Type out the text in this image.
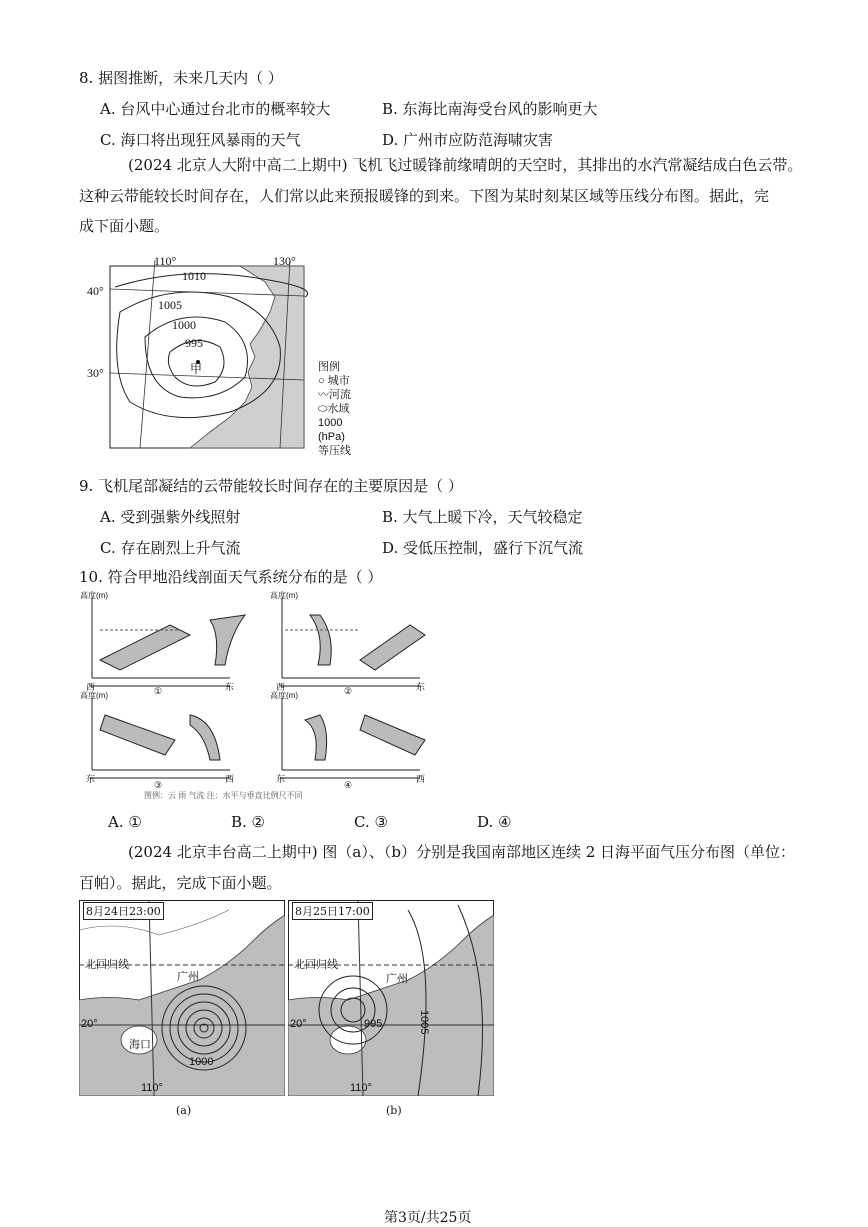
8. 据图推断，未来几天内（ ）
A. 台风中心通过台北市的概率较大	B. 东海比南海受台风的影响更大
C. 海口将出现狂风暴雨的天气	D. 广州市应防范海啸灾害
(2024 北京人大附中高二上期中) 飞机飞过暖锋前缘晴朗的天空时，其排出的水汽常凝结成白色云带。
这种云带能较长时间存在，人们常以此来预报暖锋的到来。下图为某时刻某区域等压线分布图。据此，完
成下面小题。
110°	130°
40°
30°
1010
1005
1000
995
甲	图例
○ 城市
〰河流
⬭水域
1000
(hPa)
等压线
9. 飞机尾部凝结的云带能较长时间存在的主要原因是（ ）
A. 受到强紫外线照射	B. 大气上暖下冷，天气较稳定
C. 存在剧烈上升气流	D. 受低压控制，盛行下沉气流
10. 符合甲地沿线剖面天气系统分布的是（ ）
高度(m)	高度(m)
高度(m)	高度(m)
西	东
①	西	东
②
东	西
③
东	西
④
图例：云 雨 气流 注：水平与垂直比例尺不同
A. ①	B. ②	C. ③	D. ④
(2024 北京丰台高二上期中) 图（a）、（b）分别是我国南部地区连续 2 日海平面气压分布图（单位：
百帕）。据此，完成下面小题。
8月24日23:00
北回归线
广州
海口
20°
110°
1000
(a)
8月25日17:00
北回归线
广州
20°
110°
1005
995
(b)
第3页/共25页
